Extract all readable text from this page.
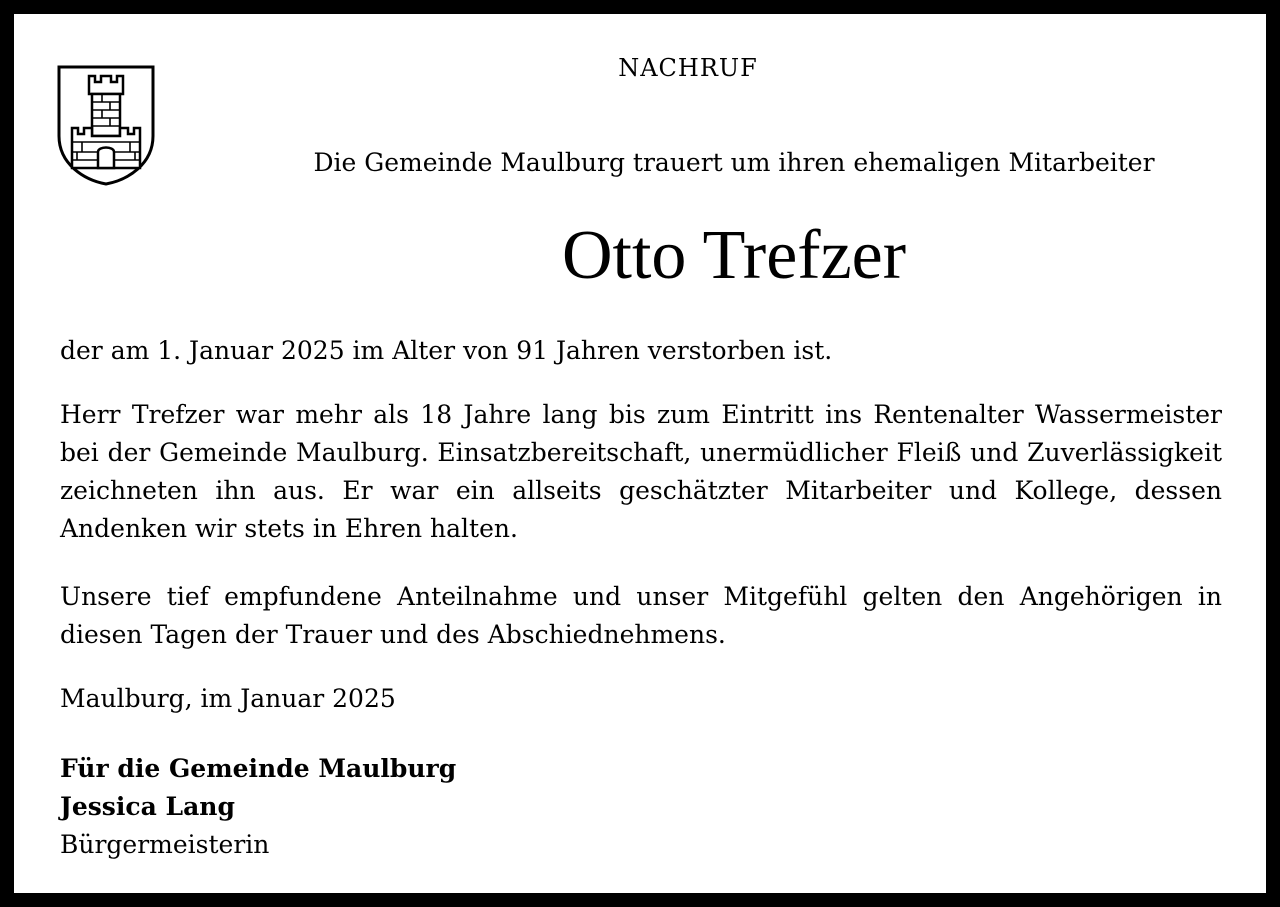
NACHRUF
Die Gemeinde Maulburg trauert um ihren ehemaligen Mitarbeiter
Otto Trefzer

der am 1. Januar 2025 im Alter von 91 Jahren verstorben ist.

Herr Trefzer war mehr als 18 Jahre lang bis zum Eintritt ins Rentenalter Wassermeister bei der Gemeinde Maulburg. Einsatzbereitschaft, unermüdlicher Fleiß und Zuverlässigkeit zeichneten ihn aus. Er war ein allseits geschätzter Mitarbeiter und Kollege, dessen Andenken wir stets in Ehren halten.

Unsere tief empfundene Anteilnahme und unser Mitgefühl gelten den Angehörigen in diesen Tagen der Trauer und des Abschiednehmens.

Maulburg, im Januar 2025

Für die Gemeinde Maulburg
Jessica Lang
Bürgermeisterin
